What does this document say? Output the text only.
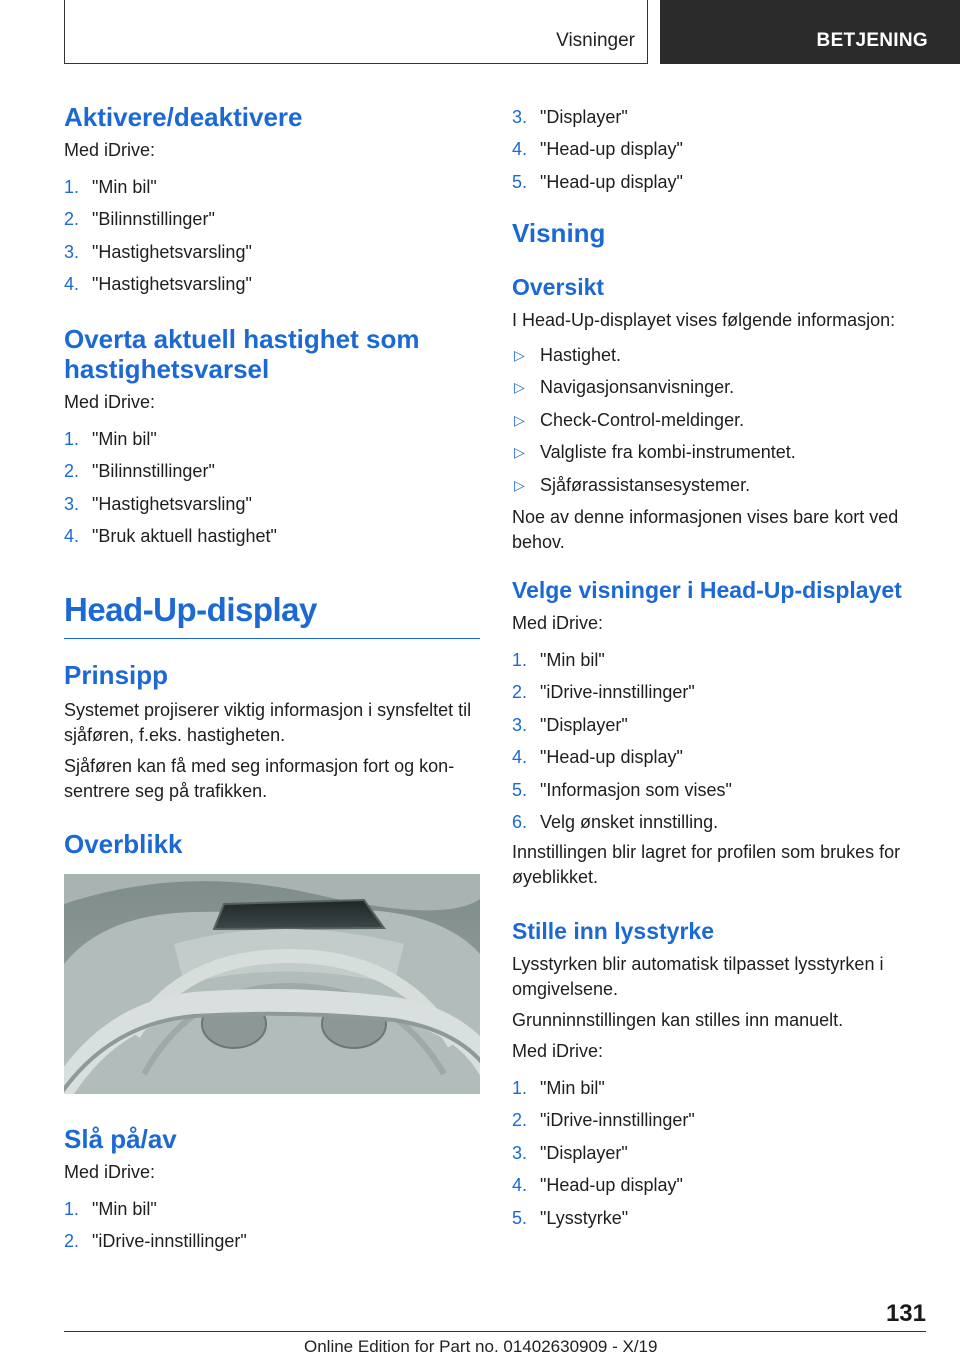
Visninger	BETJENING
Aktivere/deaktivere

Med iDrive:

1. "Min bil"
2. "Bilinnstillinger"
3. "Hastighetsvarsling"
4. "Hastighetsvarsling"
Overta aktuell hastighet som hastighetsvarsel

Med iDrive:

1. "Min bil"
2. "Bilinnstillinger"
3. "Hastighetsvarsling"
4. "Bruk aktuell hastighet"
Head-Up-display
Prinsipp

Systemet projiserer viktig informasjon i synsfeltet til sjåføren, f.eks. hastigheten.

Sjåføren kan få med seg informasjon fort og konsentrere seg på trafikken.

Overblikk
Slå på/av

Med iDrive:

1. "Min bil"
2. "iDrive-innstillinger"
3. "Displayer"
4. "Head-up display"
5. "Head-up display"
Visning
Oversikt

I Head-Up-displayet vises følgende informasjon:

▷ Hastighet.
▷ Navigasjonsanvisninger.
▷ Check-Control-meldinger.
▷ Valgliste fra kombi-instrumentet.
▷ Sjåførassistansesystemer.

Noe av denne informasjonen vises bare kort ved behov.

Velge visninger i Head-Up-displayet

Med iDrive:

1. "Min bil"
2. "iDrive-innstillinger"
3. "Displayer"
4. "Head-up display"
5. "Informasjon som vises"
6. Velg ønsket innstilling.

Innstillingen blir lagret for profilen som brukes for øyeblikket.

Stille inn lysstyrke

Lysstyrken blir automatisk tilpasset lysstyrken i omgivelsene.

Grunninnstillingen kan stilles inn manuelt.

Med iDrive:

1. "Min bil"
2. "iDrive-innstillinger"
3. "Displayer"
4. "Head-up display"
5. "Lysstyrke"
131
Online Edition for Part no. 01402630909 - X/19
